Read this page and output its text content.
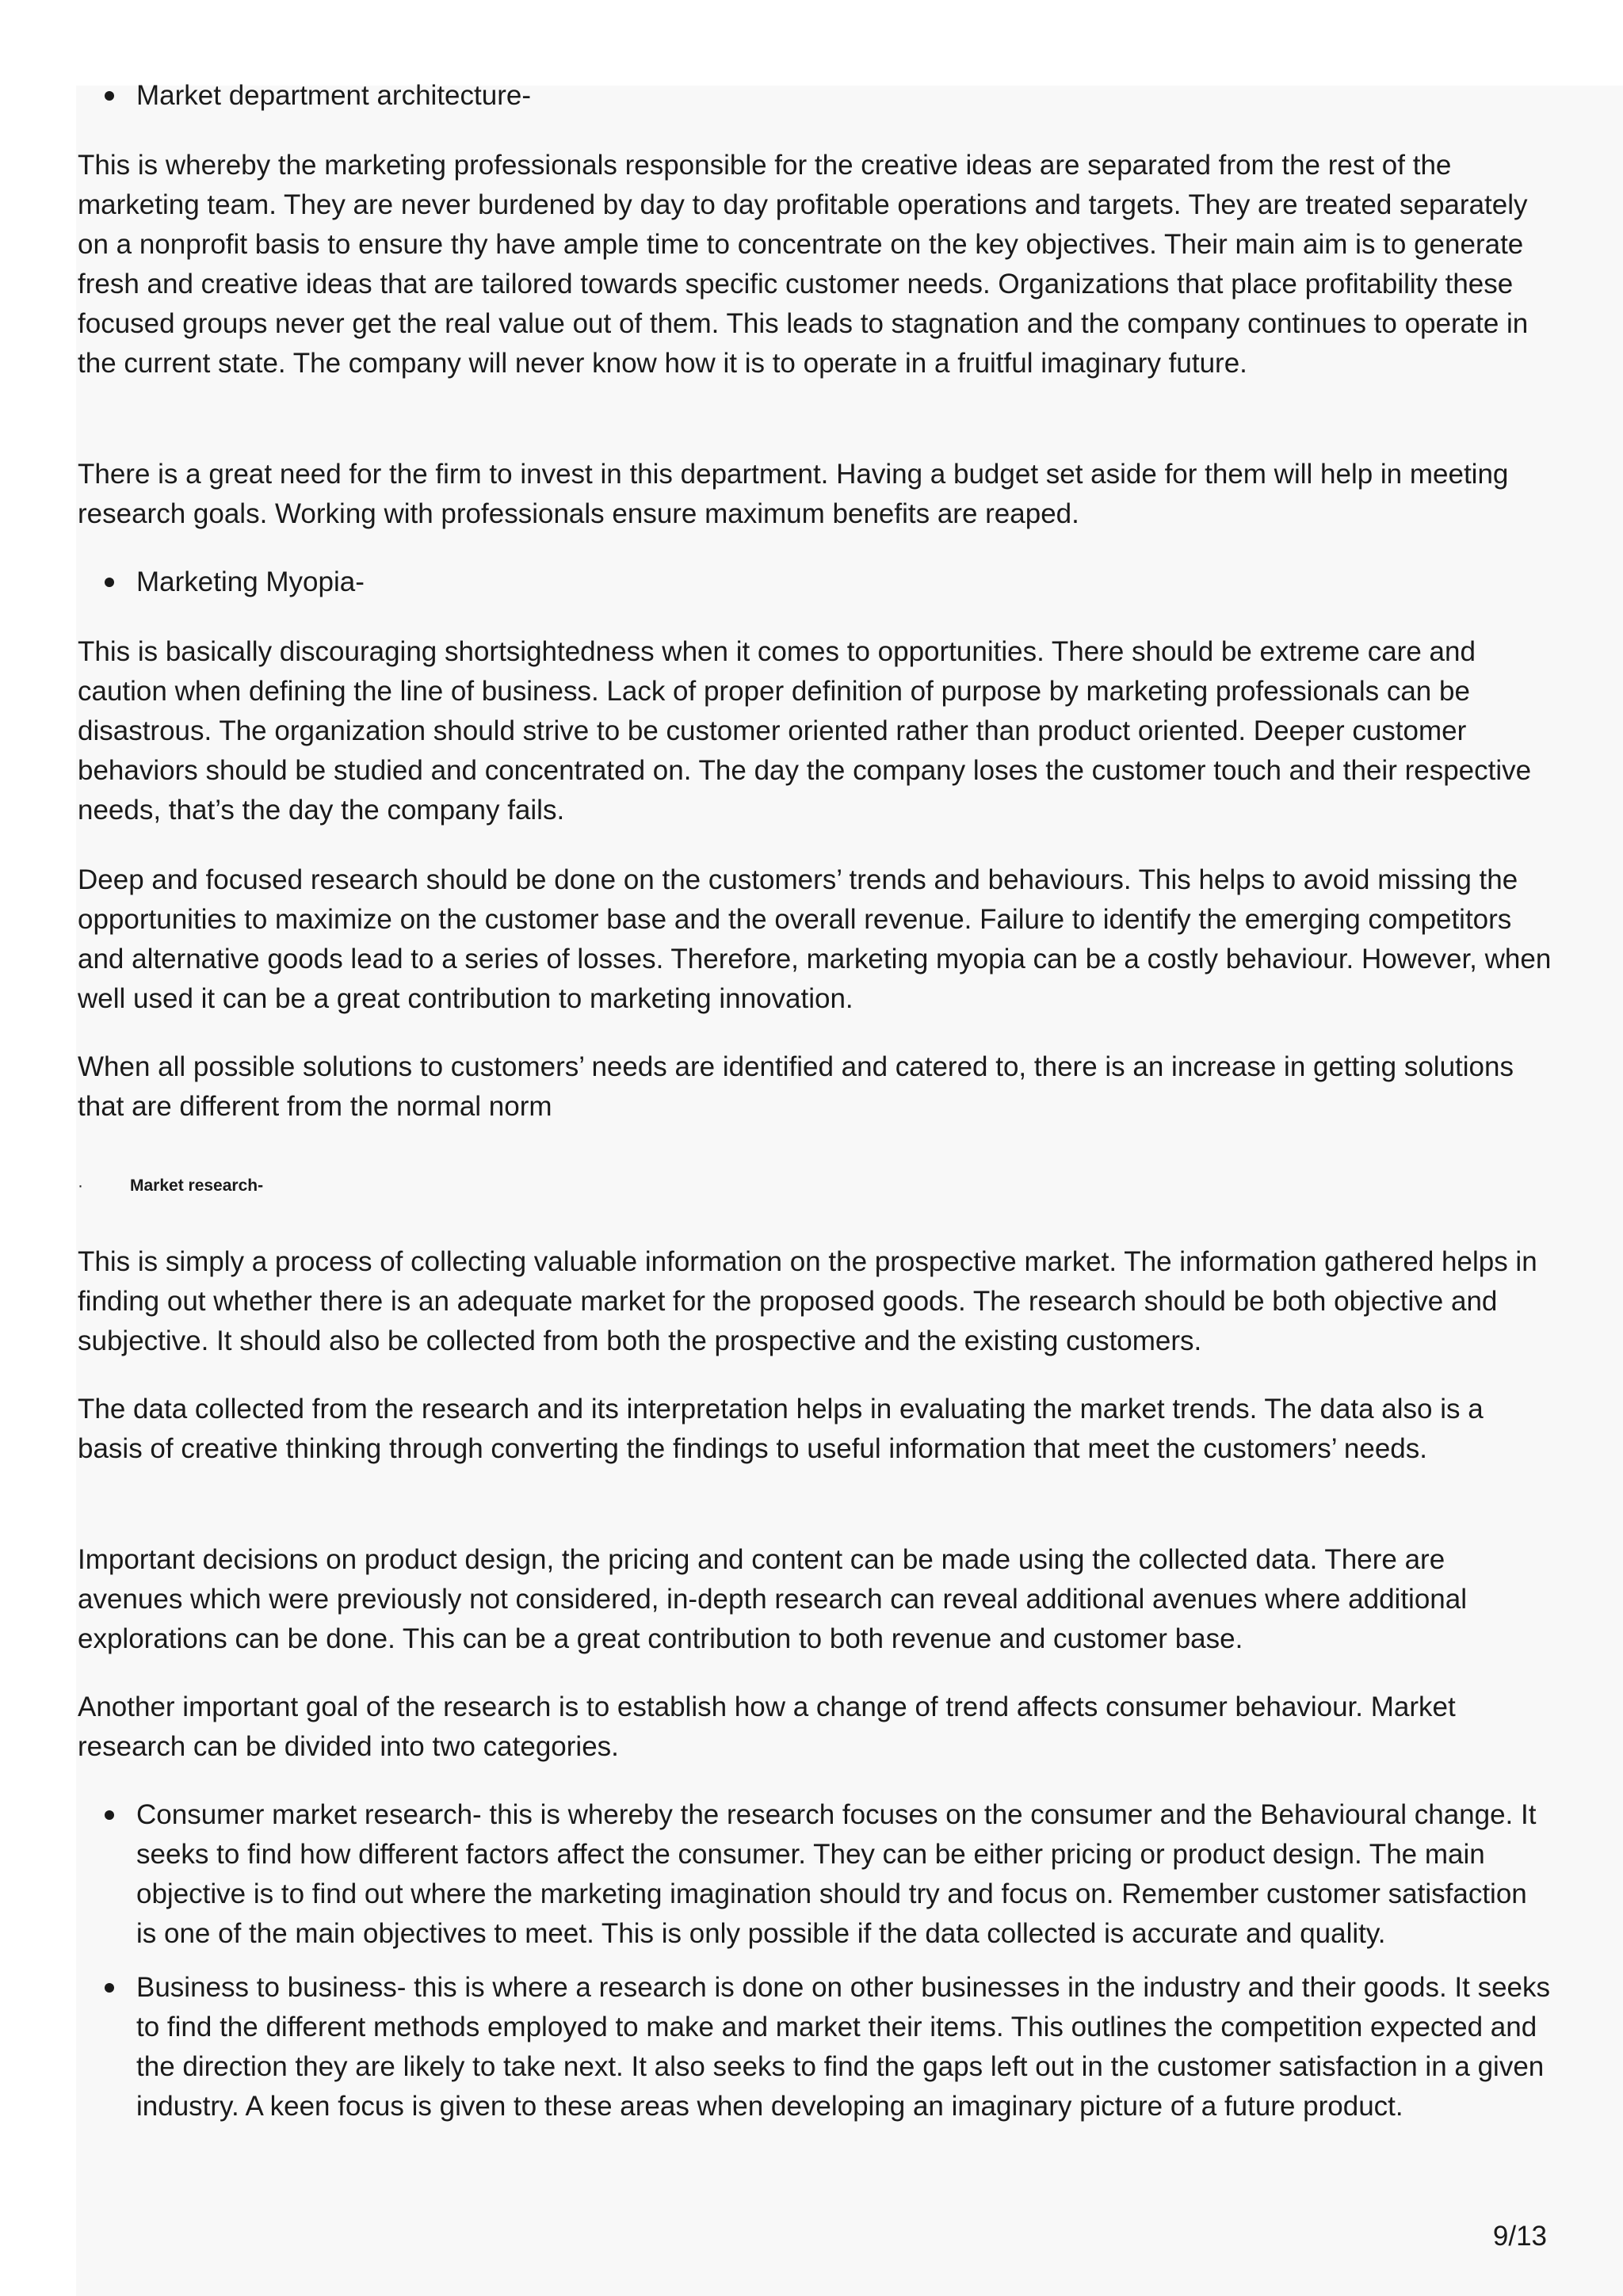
Market department architecture-

This is whereby the marketing professionals responsible for the creative ideas are separated from the rest of the marketing team. They are never burdened by day to day profitable operations and targets. They are treated separately on a nonprofit basis to ensure thy have ample time to concentrate on the key objectives. Their main aim is to generate fresh and creative ideas that are tailored towards specific customer needs. Organizations that place profitability these focused groups never get the real value out of them. This leads to stagnation and the company continues to operate in the current state. The company will never know how it is to operate in a fruitful imaginary future.

There is a great need for the firm to invest in this department. Having a budget set aside for them will help in meeting research goals. Working with professionals ensure maximum benefits are reaped.

Marketing Myopia-

This is basically discouraging shortsightedness when it comes to opportunities. There should be extreme care and caution when defining the line of business. Lack of proper definition of purpose by marketing professionals can be disastrous. The organization should strive to be customer oriented rather than product oriented. Deeper customer behaviors should be studied and concentrated on. The day the company loses the customer touch and their respective needs, that’s the day the company fails.

Deep and focused research should be done on the customers’ trends and behaviours. This helps to avoid missing the opportunities to maximize on the customer base and the overall revenue. Failure to identify the emerging competitors and alternative goods lead to a series of losses. Therefore, marketing myopia can be a costly behaviour. However, when well used it can be a great contribution to marketing innovation.

When all possible solutions to customers’ needs are identified and catered to, there is an increase in getting solutions that are different from the normal norm

·	Market research-

This is simply a process of collecting valuable information on the prospective market. The information gathered helps in finding out whether there is an adequate market for the proposed goods. The research should be both objective and subjective. It should also be collected from both the prospective and the existing customers.

The data collected from the research and its interpretation helps in evaluating the market trends. The data also is a basis of creative thinking through converting the findings to useful information that meet the customers’ needs.

Important decisions on product design, the pricing and content can be made using the collected data. There are avenues which were previously not considered, in-depth research can reveal additional avenues where additional explorations can be done. This can be a great contribution to both revenue and customer base.

Another important goal of the research is to establish how a change of trend affects consumer behaviour. Market research can be divided into two categories.

Consumer market research- this is whereby the research focuses on the consumer and the Behavioural change. It seeks to find how different factors affect the consumer. They can be either pricing or product design. The main objective is to find out where the marketing imagination should try and focus on. Remember customer satisfaction is one of the main objectives to meet. This is only possible if the data collected is accurate and quality.
Business to business- this is where a research is done on other businesses in the industry and their goods. It seeks to find the different methods employed to make and market their items. This outlines the competition expected and the direction they are likely to take next. It also seeks to find the gaps left out in the customer satisfaction in a given industry. A keen focus is given to these areas when developing an imaginary picture of a future product.
9/13
